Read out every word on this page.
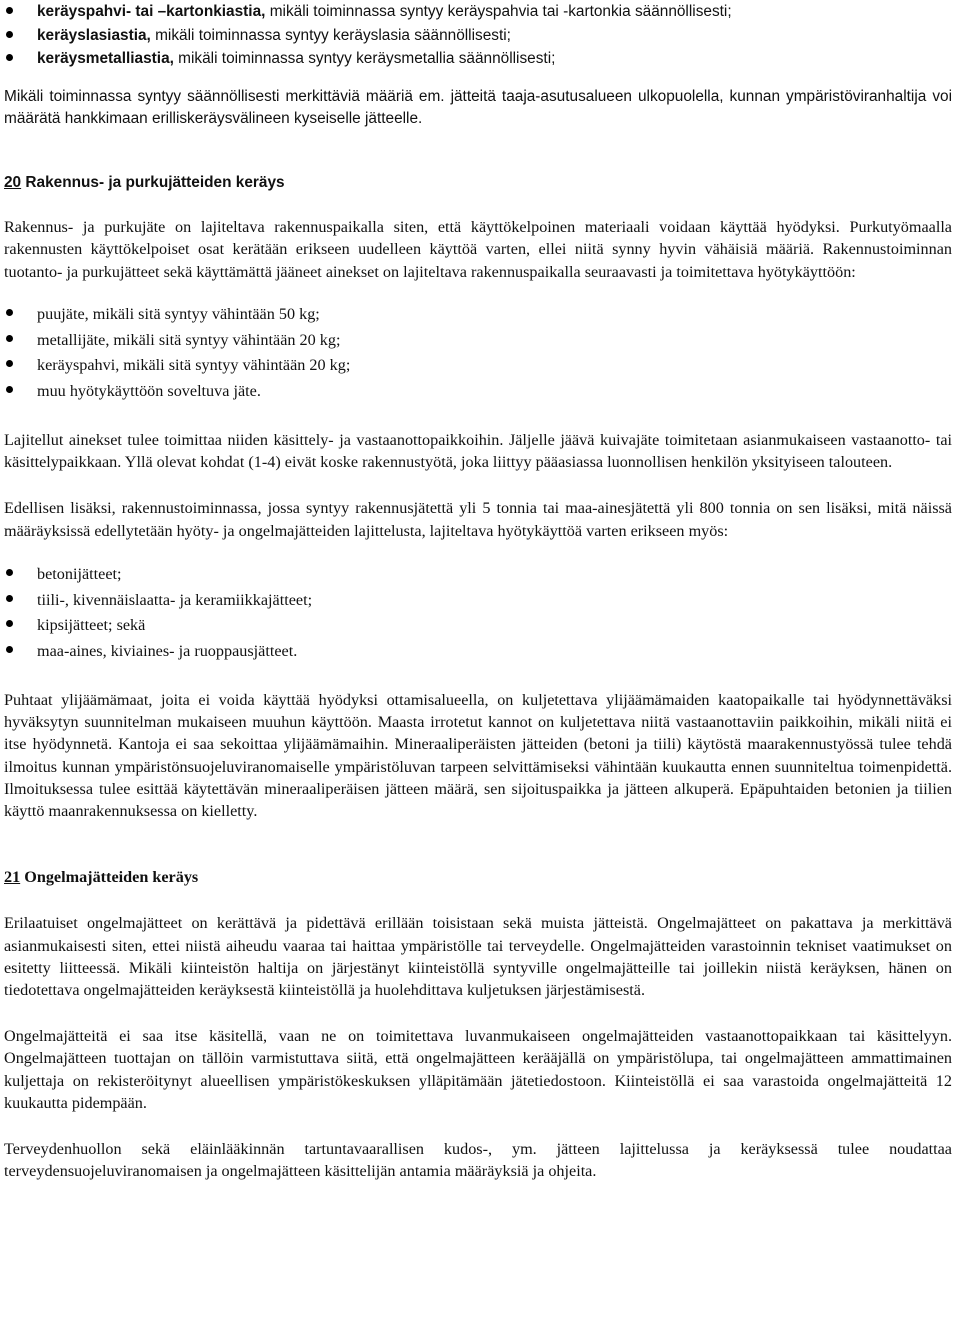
keräyspahvi- tai –kartonkiastia, mikäli toiminnassa syntyy keräyspahvia tai -kartonkia säännöllisesti;
keräyslasiastia, mikäli toiminnassa syntyy keräyslasia säännöllisesti;
keräysmetalliastia, mikäli toiminnassa syntyy keräysmetallia säännöllisesti;

Mikäli toiminnassa syntyy säännöllisesti merkittäviä määriä em. jätteitä taaja-asutusalueen ulkopuolella, kunnan ympäristöviranhaltija voi määrätä hankkimaan erilliskeräysvälineen kyseiselle jätteelle.

20 Rakennus- ja purkujätteiden keräys

Rakennus- ja purkujäte on lajiteltava rakennuspaikalla siten, että käyttökelpoinen materiaali voidaan käyttää hyödyksi. Purkutyömaalla rakennusten käyttökelpoiset osat kerätään erikseen uudelleen käyttöä varten, ellei niitä synny hyvin vähäisiä määriä. Rakennustoiminnan tuotanto- ja purkujätteet sekä käyttämättä jääneet ainekset on lajiteltava rakennuspaikalla seuraavasti ja toimitettava hyötykäyttöön:

puujäte, mikäli sitä syntyy vähintään 50 kg;
metallijäte, mikäli sitä syntyy vähintään 20 kg;
keräyspahvi, mikäli sitä syntyy vähintään 20 kg;
muu hyötykäyttöön soveltuva jäte.

Lajitellut ainekset tulee toimittaa niiden käsittely- ja vastaanottopaikkoihin. Jäljelle jäävä kuivajäte toimitetaan asianmukaiseen vastaanotto- tai käsittelypaikkaan. Yllä olevat kohdat (1-4) eivät koske rakennustyötä, joka liittyy pääasiassa luonnollisen henkilön yksityiseen talouteen.

Edellisen lisäksi, rakennustoiminnassa, jossa syntyy rakennusjätettä yli 5 tonnia tai maa-ainesjätettä yli 800 tonnia on sen lisäksi, mitä näissä määräyksissä edellytetään hyöty- ja ongelmajätteiden lajittelusta, lajiteltava hyötykäyttöä varten erikseen myös:

betonijätteet;
tiili-, kivennäislaatta- ja keramiikkajätteet;
kipsijätteet; sekä
maa-aines, kiviaines- ja ruoppausjätteet.

Puhtaat ylijäämämaat, joita ei voida käyttää hyödyksi ottamisalueella, on kuljetettava ylijäämämaiden kaatopaikalle tai hyödynnettäväksi hyväksytyn suunnitelman mukaiseen muuhun käyttöön. Maasta irrotetut kannot on kuljetettava niitä vastaanottaviin paikkoihin, mikäli niitä ei itse hyödynnetä. Kantoja ei saa sekoittaa ylijäämämaihin. Mineraaliperäisten jätteiden (betoni ja tiili) käytöstä maarakennustyössä tulee tehdä ilmoitus kunnan ympäristönsuojeluviranomaiselle ympäristöluvan tarpeen selvittämiseksi vähintään kuukautta ennen suunniteltua toimenpidettä. Ilmoituksessa tulee esittää käytettävän mineraaliperäisen jätteen määrä, sen sijoituspaikka ja jätteen alkuperä. Epäpuhtaiden betonien ja tiilien käyttö maanrakennuksessa on kielletty.

21 Ongelmajätteiden keräys

Erilaatuiset ongelmajätteet on kerättävä ja pidettävä erillään toisistaan sekä muista jätteistä. Ongelmajätteet on pakattava ja merkittävä asianmukaisesti siten, ettei niistä aiheudu vaaraa tai haittaa ympäristölle tai terveydelle. Ongelmajätteiden varastoinnin tekniset vaatimukset on esitetty liitteessä. Mikäli kiinteistön haltija on järjestänyt kiinteistöllä syntyville ongelmajätteille tai joillekin niistä keräyksen, hänen on tiedotettava ongelmajätteiden keräyksestä kiinteistöllä ja huolehdittava kuljetuksen järjestämisestä.

Ongelmajätteitä ei saa itse käsitellä, vaan ne on toimitettava luvanmukaiseen ongelmajätteiden vastaanottopaikkaan tai käsittelyyn. Ongelmajätteen tuottajan on tällöin varmistuttava siitä, että ongelmajätteen kerääjällä on ympäristölupa, tai ongelmajätteen ammattimainen kuljettaja on rekisteröitynyt alueellisen ympäristökeskuksen ylläpitämään jätetiedostoon. Kiinteistöllä ei saa varastoida ongelmajätteitä 12 kuukautta pidempään.

Terveydenhuollon sekä eläinlääkinnän tartuntavaarallisen kudos-, ym. jätteen lajittelussa ja keräyksessä tulee noudattaa terveydensuojeluviranomaisen ja ongelmajätteen käsittelijän antamia määräyksiä ja ohjeita.
